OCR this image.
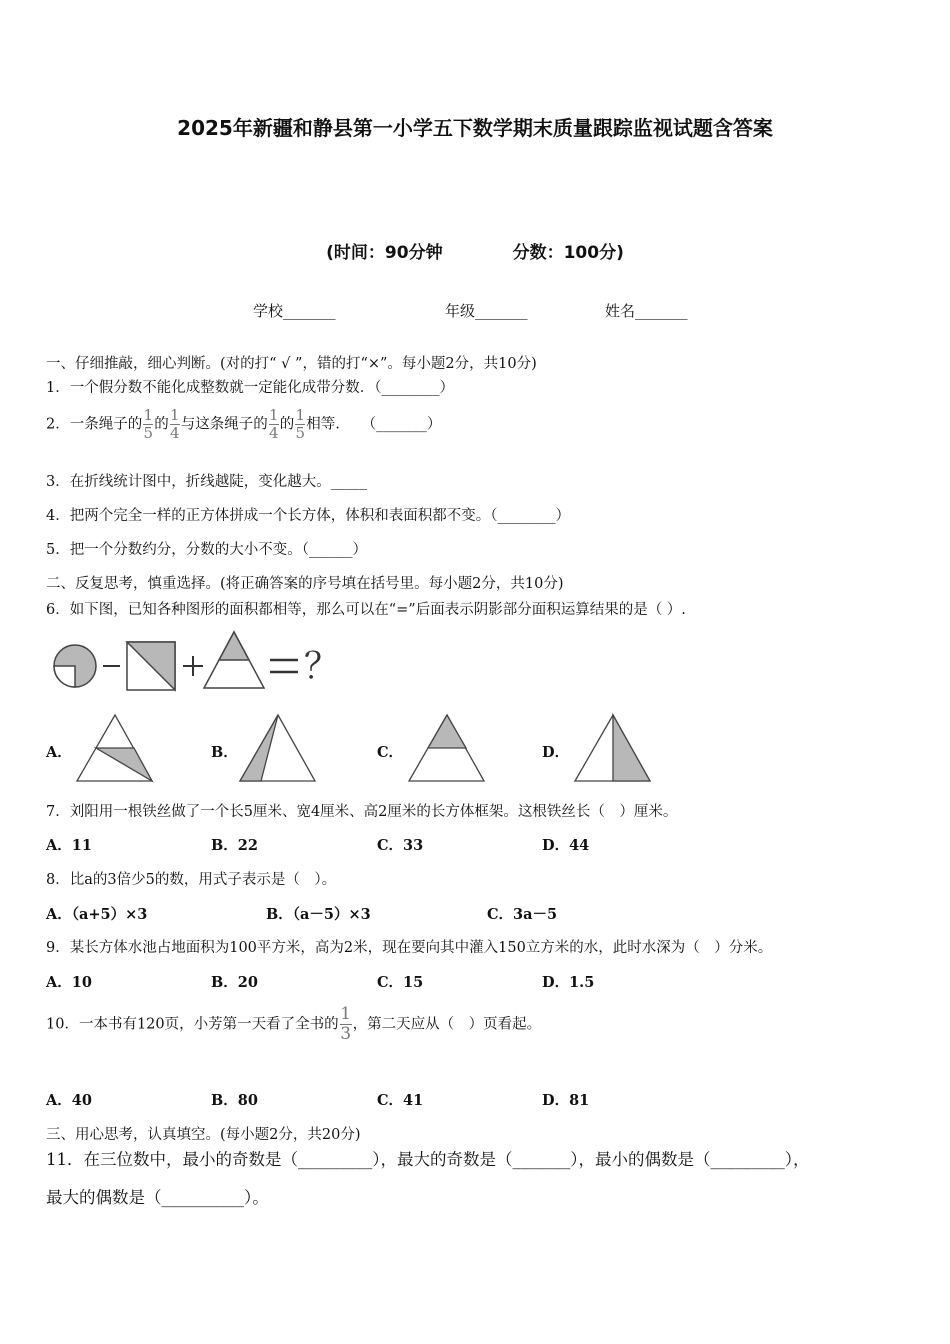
2025年新疆和静县第一小学五下数学期末质量跟踪监视试题含答案
(时间：90分钟	分数：100分)
学校_______	年级_______	姓名_______
一、仔细推敲，细心判断。(对的打“ √ ”，错的打“×”。每小题2分，共10分)
1．一个假分数不能化成整数就一定能化成带分数．（________）
2．一条绳子的$\frac{1}{5}$的$\frac{1}{4}$与这条绳子的$\frac{1}{4}$的$\frac{1}{5}$相等.　　（_______）
3．在折线统计图中，折线越陡，变化越大。_____
4．把两个完全一样的正方体拼成一个长方体，体积和表面积都不变。（________）
5．把一个分数约分，分数的大小不变。（______）
二、反复思考，慎重选择。(将正确答案的序号填在括号里。每小题2分，共10分)
6．如下图，已知各种图形的面积都相等，那么可以在“=”后面表示阴影部分面积运算结果的是（ ）.
？
A．	B．	C．	D．
7．刘阳用一根铁丝做了一个长5厘米、宽4厘米、高2厘米的长方体框架。这根铁丝长（　）厘米。
A．11	B．22	C．33	D．44
8．比a的3倍少5的数，用式子表示是（　）。
A．（a+5）×3	B．（a－5）×3	C．3a－5
9．某长方体水池占地面积为100平方米，高为2米，现在要向其中灌入150立方米的水，此时水深为（　）分米。
A．10	B．20	C．15	D．1.5
10．一本书有120页，小芳第一天看了全书的$\frac{1}{3}$，第二天应从（　）页看起。
A．40	B．80	C．41	D．81
三、用心思考，认真填空。(每小题2分，共20分)
11．在三位数中，最小的奇数是（_________），最大的奇数是（_______），最小的偶数是（_________），
最大的偶数是（__________）。
